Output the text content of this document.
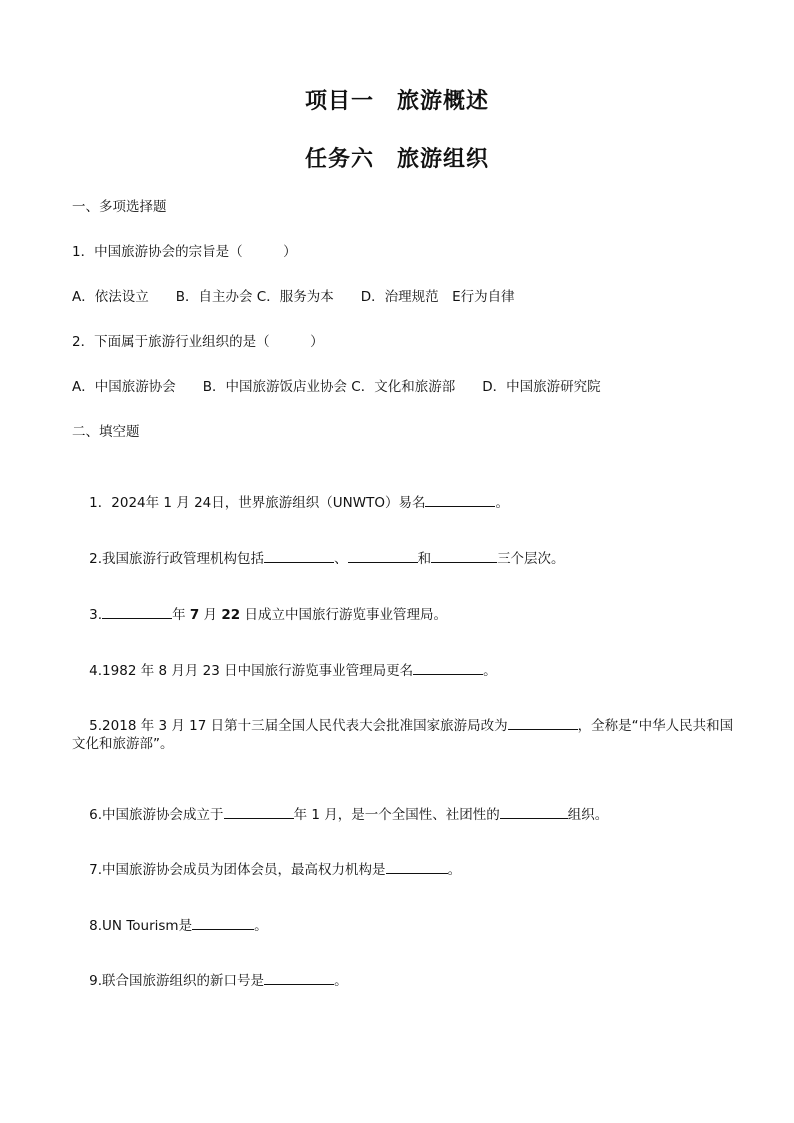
项目一　旅游概述
任务六　旅游组织
一、多项选择题
1．中国旅游协会的宗旨是（　　　）
A．依法设立　　B．自主办会 C．服务为本　　D．治理规范　E行为自律
2．下面属于旅游行业组织的是（　　　）
A．中国旅游协会　　B．中国旅游饭店业协会 C．文化和旅游部　　D．中国旅游研究院
二、填空题

1．2024年 1 月 24日，世界旅游组织（UNWTO）易名	。

2.我国旅游行政管理机构包括	、	和	三个层次。

3.	年 7 月 22 日成立中国旅行游览事业管理局。

4.1982 年 8 月月 23 日中国旅行游览事业管理局更名	。

5.2018 年 3 月 17 日第十三届全国人民代表大会批准国家旅游局改为	，全称是“中华人民共和国

文化和旅游部”。

6.中国旅游协会成立于	年 1 月，是一个全国性、社团性的	组织。

7.中国旅游协会成员为团体会员，最高权力机构是	。

8.UN Tourism是	。

9.联合国旅游组织的新口号是	。
